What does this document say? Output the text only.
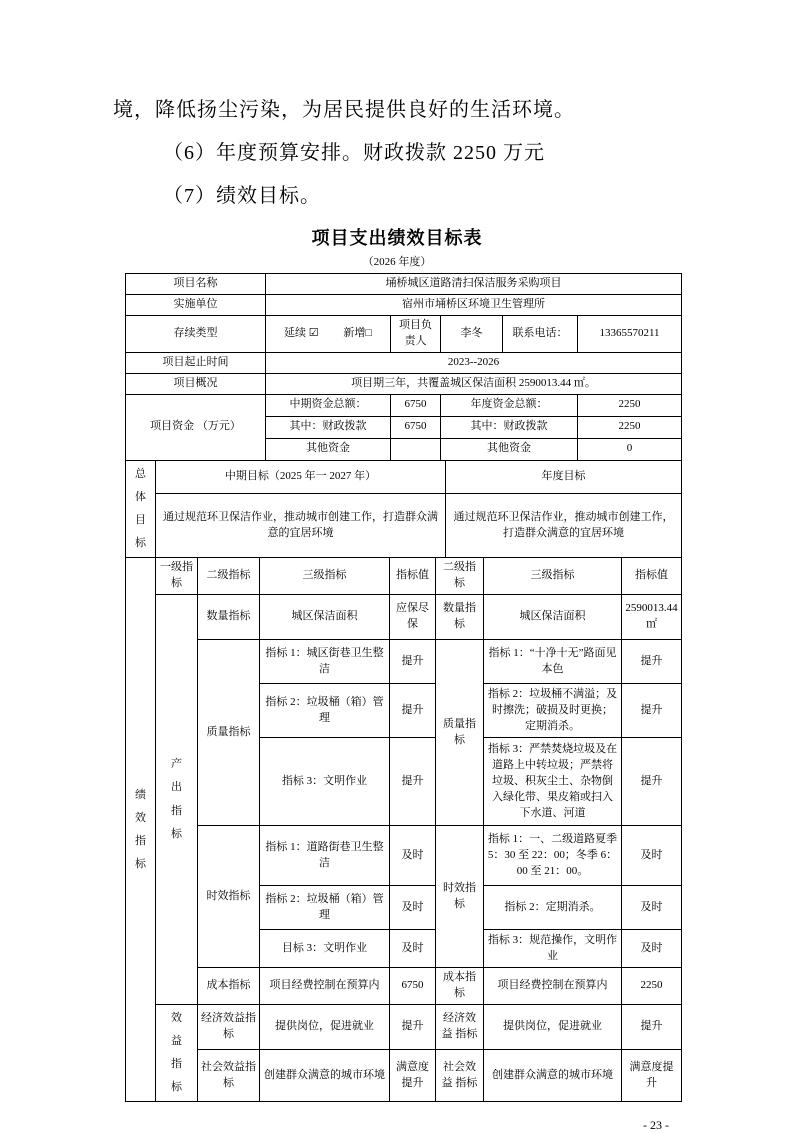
境，降低扬尘污染，为居民提供良好的生活环境。

（6）年度预算安排。财政拨款 2250 万元

（7）绩效目标。

项目支出绩效目标表
（2026 年度）
项目名称	埇桥城区道路清扫保洁服务采购项目				
实施单位	宿州市埇桥区环境卫生管理所				
存续类型	延续 ☑ 新增□	项目负责人	李冬	联系电话：	13365570211
项目起止时间	2023--2026				
项目概况	项目期三年，共覆盖城区保洁面积 2590013.44 ㎡。				
项目资金 （万元）	中期资金总额：	6750	年度资金总额：		2250
	其中：财政拨款	6750	其中：财政拨款		2250
	其他资金		其他资金		0
总体目标	中期目标（2025 年一 2027 年）	年度目标
	通过规范环卫保洁作业，推动城市创建工作，打造群众满意的宜居环境	通过规范环卫保洁作业，推动城市创建工作，打造群众满意的宜居环境
绩效指标	一级指标	二级指标	三级指标	指标值	二级指标	三级指标	指标值
	产出指标	数量指标	城区保洁面积	应保尽保	数量指标	城区保洁面积	2590013.44 ㎡
		质量指标	指标 1：城区街巷卫生整洁	提升	质量指标	指标 1：“十净十无”路面见本色	提升
			指标 2：垃圾桶（箱）管理	提升		指标 2：垃圾桶不满溢；及时擦洗；破损及时更换；定期消杀。	提升
			指标 3：文明作业	提升		指标 3：严禁焚烧垃圾及在道路上中转垃圾；严禁将垃圾、积灰尘土、杂物倒入绿化带、果皮箱或扫入下水道、河道	提升
		时效指标	指标 1：道路街巷卫生整洁	及时	时效指标	指标 1：一、二级道路夏季 5：30 至 22：00；冬季 6：00 至 21：00。	及时
			指标 2：垃圾桶（箱）管理	及时		指标 2：定期消杀。	及时
			目标 3：文明作业	及时		指标 3：规范操作，文明作业	及时
		成本指标	项目经费控制在预算内	6750	成本指标	项目经费控制在预算内	2250
	效益指标	经济效益指标	提供岗位，促进就业	提升	经济效益 指标	提供岗位，促进就业	提升
		社会效益指标	创建群众满意的城市环境	满意度提升	社会效益 指标	创建群众满意的城市环境	满意度提升
- 23 -
